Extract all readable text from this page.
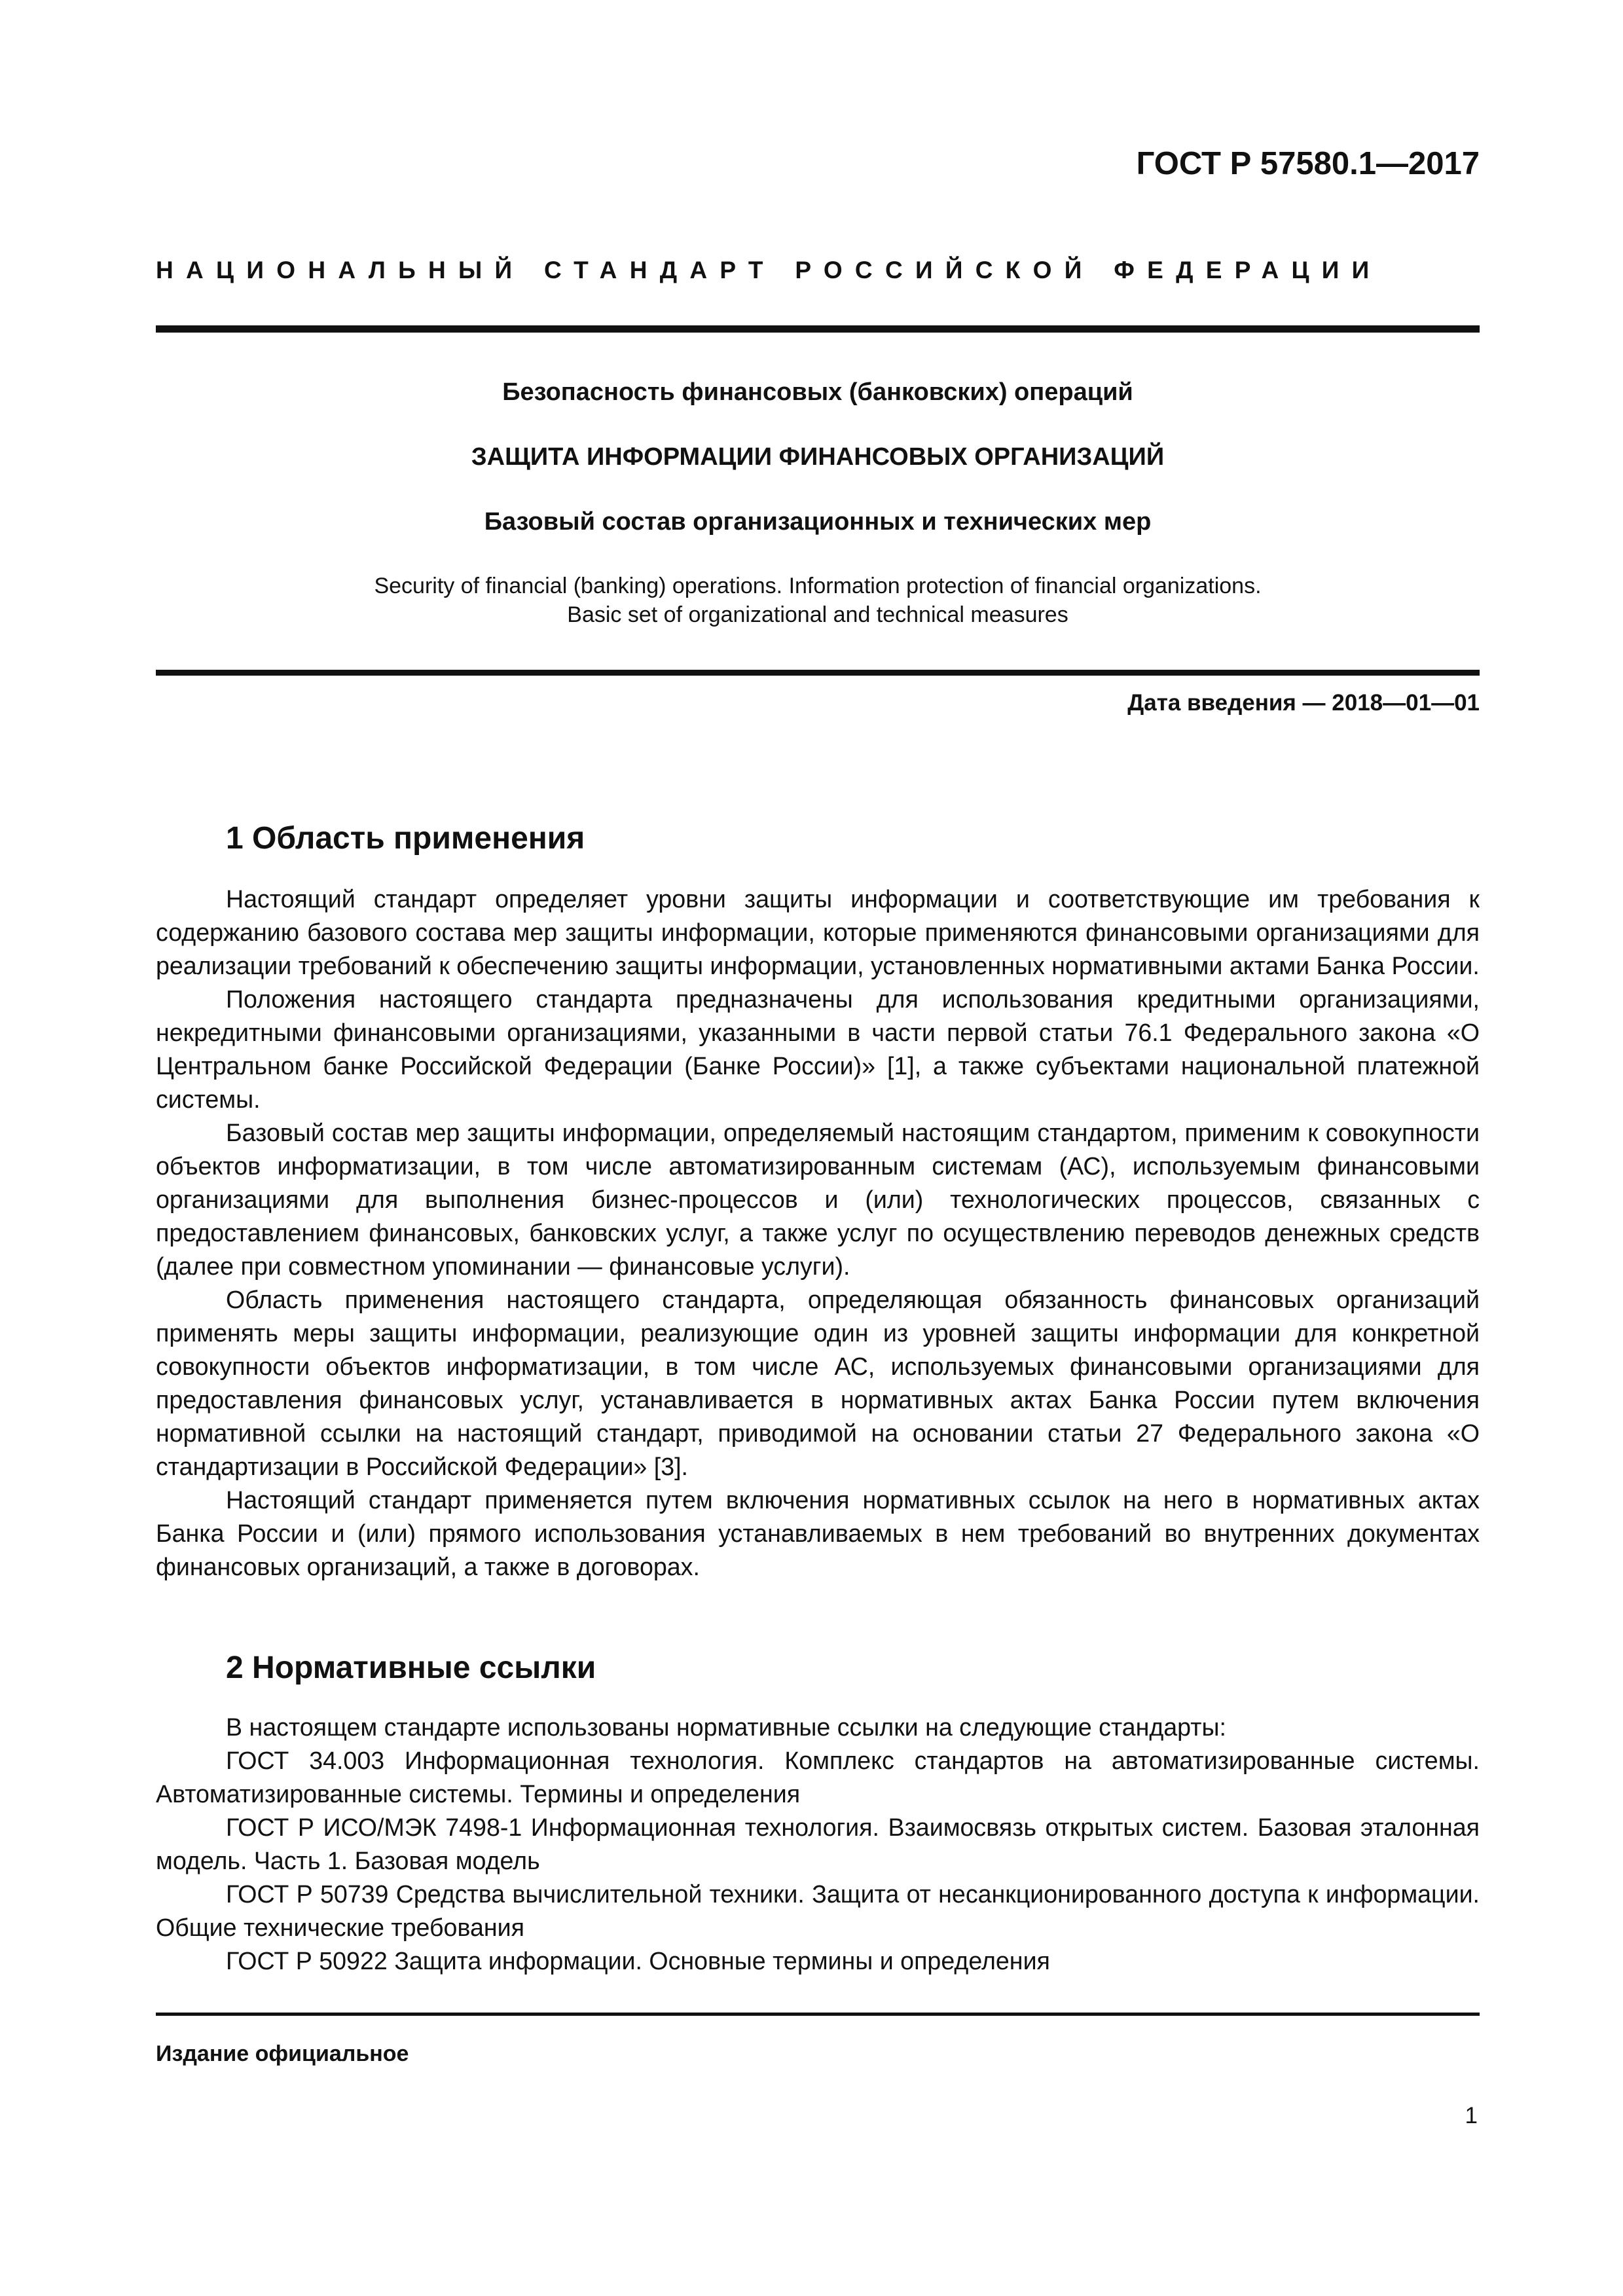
ГОСТ Р 57580.1—2017
НАЦИОНАЛЬНЫЙ СТАНДАРТ РОССИЙСКОЙ ФЕДЕРАЦИИ
Безопасность финансовых (банковских) операций
ЗАЩИТА ИНФОРМАЦИИ ФИНАНСОВЫХ ОРГАНИЗАЦИЙ
Базовый состав организационных и технических мер
Security of financial (banking) operations. Information protection of financial organizations.
Basic set of organizational and technical measures
Дата введения — 2018—01—01
1 Область применения

Настоящий стандарт определяет уровни защиты информации и соответствующие им требования к содержанию базового состава мер защиты информации, которые применяются финансовыми организациями для реализации требований к обеспечению защиты информации, установленных нормативными актами Банка России.

Положения настоящего стандарта предназначены для использования кредитными организациями, некредитными финансовыми организациями, указанными в части первой статьи 76.1 Федерального закона «О Центральном банке Российской Федерации (Банке России)» [1], а также субъектами национальной платежной системы.

Базовый состав мер защиты информации, определяемый настоящим стандартом, применим к совокупности объектов информатизации, в том числе автоматизированным системам (АС), используемым финансовыми организациями для выполнения бизнес-процессов и (или) технологических процессов, связанных с предоставлением финансовых, банковских услуг, а также услуг по осуществлению переводов денежных средств (далее при совместном упоминании — финансовые услуги).

Область применения настоящего стандарта, определяющая обязанность финансовых организаций применять меры защиты информации, реализующие один из уровней защиты информации для конкретной совокупности объектов информатизации, в том числе АС, используемых финансовыми организациями для предоставления финансовых услуг, устанавливается в нормативных актах Банка России путем включения нормативной ссылки на настоящий стандарт, приводимой на основании статьи 27 Федерального закона «О стандартизации в Российской Федерации» [3].

Настоящий стандарт применяется путем включения нормативных ссылок на него в нормативных актах Банка России и (или) прямого использования устанавливаемых в нем требований во внутренних документах финансовых организаций, а также в договорах.

2 Нормативные ссылки

В настоящем стандарте использованы нормативные ссылки на следующие стандарты:

ГОСТ 34.003 Информационная технология. Комплекс стандартов на автоматизированные системы. Автоматизированные системы. Термины и определения

ГОСТ Р ИСО/МЭК 7498-1 Информационная технология. Взаимосвязь открытых систем. Базовая эталонная модель. Часть 1. Базовая модель

ГОСТ Р 50739 Средства вычислительной техники. Защита от несанкционированного доступа к информации. Общие технические требования

ГОСТ Р 50922 Защита информации. Основные термины и определения

Издание официальное
1
